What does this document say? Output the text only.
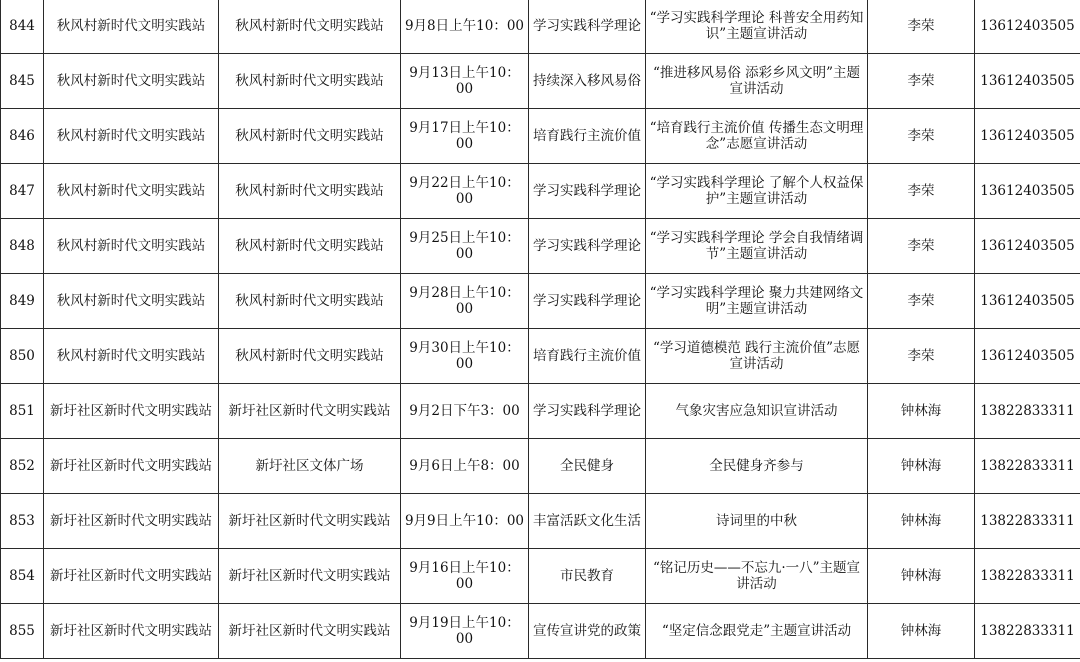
844	秋风村新时代文明实践站	秋风村新时代文明实践站	9月8日上午10：00	学习实践科学理论	“学习实践科学理论 科普安全用药知识”主题宣讲活动	李荣	13612403505
845	秋风村新时代文明实践站	秋风村新时代文明实践站	9月13日上午10：00	持续深入移风易俗	“推进移风易俗 添彩乡风文明”主题宣讲活动	李荣	13612403505
846	秋风村新时代文明实践站	秋风村新时代文明实践站	9月17日上午10：00	培育践行主流价值	“培育践行主流价值 传播生态文明理念”志愿宣讲活动	李荣	13612403505
847	秋风村新时代文明实践站	秋风村新时代文明实践站	9月22日上午10：00	学习实践科学理论	“学习实践科学理论 了解个人权益保护”主题宣讲活动	李荣	13612403505
848	秋风村新时代文明实践站	秋风村新时代文明实践站	9月25日上午10：00	学习实践科学理论	“学习实践科学理论 学会自我情绪调节”主题宣讲活动	李荣	13612403505
849	秋风村新时代文明实践站	秋风村新时代文明实践站	9月28日上午10：00	学习实践科学理论	“学习实践科学理论 聚力共建网络文明”主题宣讲活动	李荣	13612403505
850	秋风村新时代文明实践站	秋风村新时代文明实践站	9月30日上午10：00	培育践行主流价值	“学习道德模范 践行主流价值”志愿宣讲活动	李荣	13612403505
851	新圩社区新时代文明实践站	新圩社区新时代文明实践站	9月2日下午3：00	学习实践科学理论	气象灾害应急知识宣讲活动	钟林海	13822833311
852	新圩社区新时代文明实践站	新圩社区文体广场	9月6日上午8：00	全民健身	全民健身齐参与	钟林海	13822833311
853	新圩社区新时代文明实践站	新圩社区新时代文明实践站	9月9日上午10：00	丰富活跃文化生活	诗词里的中秋	钟林海	13822833311
854	新圩社区新时代文明实践站	新圩社区新时代文明实践站	9月16日上午10：00	市民教育	“铭记历史——不忘九·一八”主题宣讲活动	钟林海	13822833311
855	新圩社区新时代文明实践站	新圩社区新时代文明实践站	9月19日上午10：00	宣传宣讲党的政策	“坚定信念跟党走”主题宣讲活动	钟林海	13822833311
